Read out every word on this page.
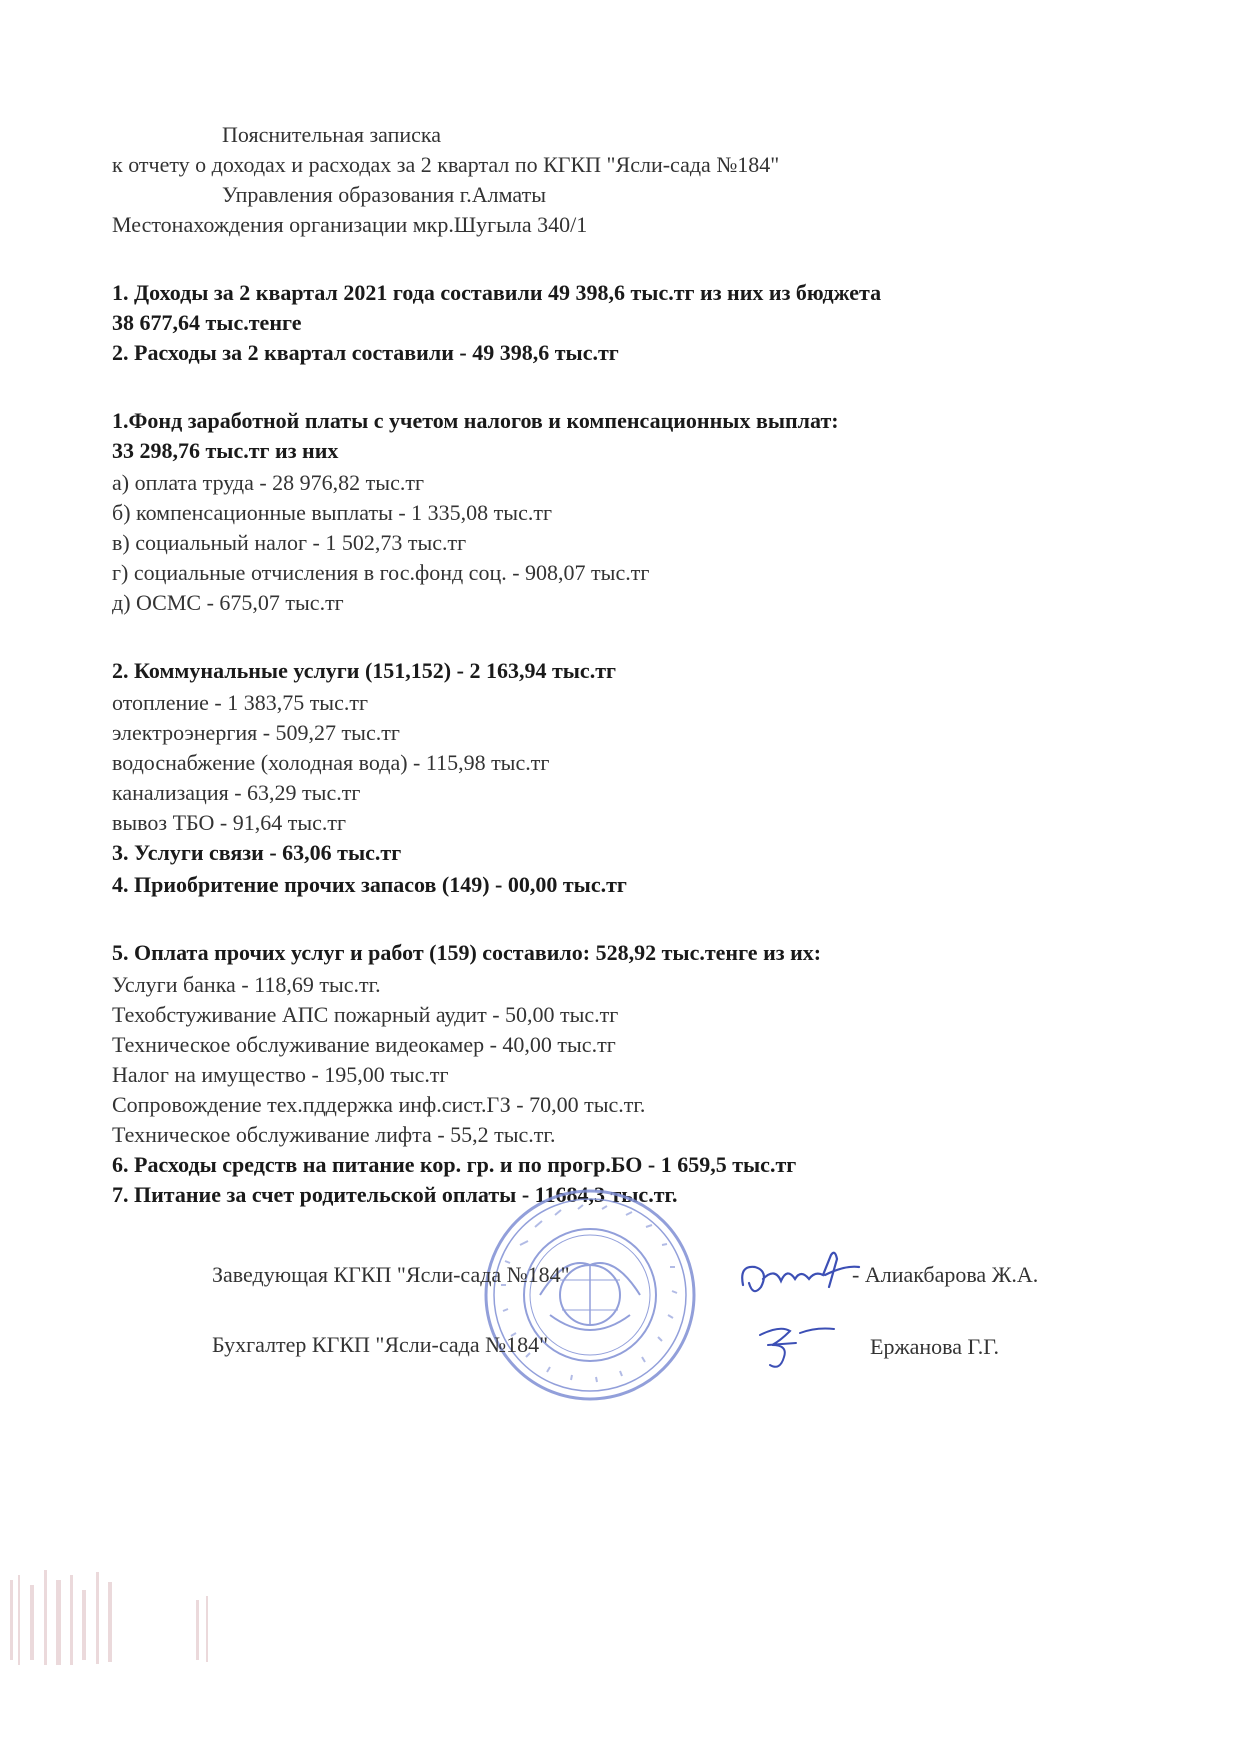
Пояснительная записка
к отчету о доходах и расходах за 2 квартал по КГКП "Ясли-сада №184"
Управления образования г.Алматы
Местонахождения организации мкр.Шугыла 340/1
1. Доходы за 2 квартал 2021 года составили 49 398,6 тыс.тг из них из бюджета
38 677,64 тыс.тенге
2. Расходы за 2 квартал составили - 49 398,6 тыс.тг
1.Фонд заработной платы с учетом налогов и компенсационных выплат:
33 298,76 тыс.тг из них
а) оплата труда - 28 976,82 тыс.тг
б) компенсационные выплаты - 1 335,08 тыс.тг
в) социальный налог - 1 502,73 тыс.тг
г) социальные отчисления в гос.фонд соц. - 908,07 тыс.тг
д) ОСМС - 675,07 тыс.тг
2. Коммунальные услуги (151,152) - 2 163,94 тыс.тг
отопление - 1 383,75 тыс.тг
электроэнергия - 509,27 тыс.тг
водоснабжение (холодная вода) - 115,98 тыс.тг
канализация - 63,29 тыс.тг
вывоз ТБО - 91,64 тыс.тг
3. Услуги связи - 63,06 тыс.тг
4. Приобритение прочих запасов (149) - 00,00 тыс.тг
5. Оплата прочих услуг и работ (159) составило: 528,92 тыс.тенге из их:
Услуги банка - 118,69 тыс.тг.
Техобстуживание АПС пожарный аудит - 50,00 тыс.тг
Техническое обслуживание видеокамер - 40,00 тыс.тг
Налог на имущество - 195,00 тыс.тг
Сопровождение тех.пддержка инф.сист.ГЗ - 70,00 тыс.тг.
Техническое обслуживание лифта - 55,2 тыс.тг.
6. Расходы средств на питание кор. гр. и по прогр.БО - 1 659,5 тыс.тг
7. Питание за счет родительской оплаты - 11684,3 тыс.тг.
Заведующая КГКП "Ясли-сада №184"	- Алиакбарова Ж.А.
Бухгалтер КГКП "Ясли-сада №184"	Ержанова Г.Г.
